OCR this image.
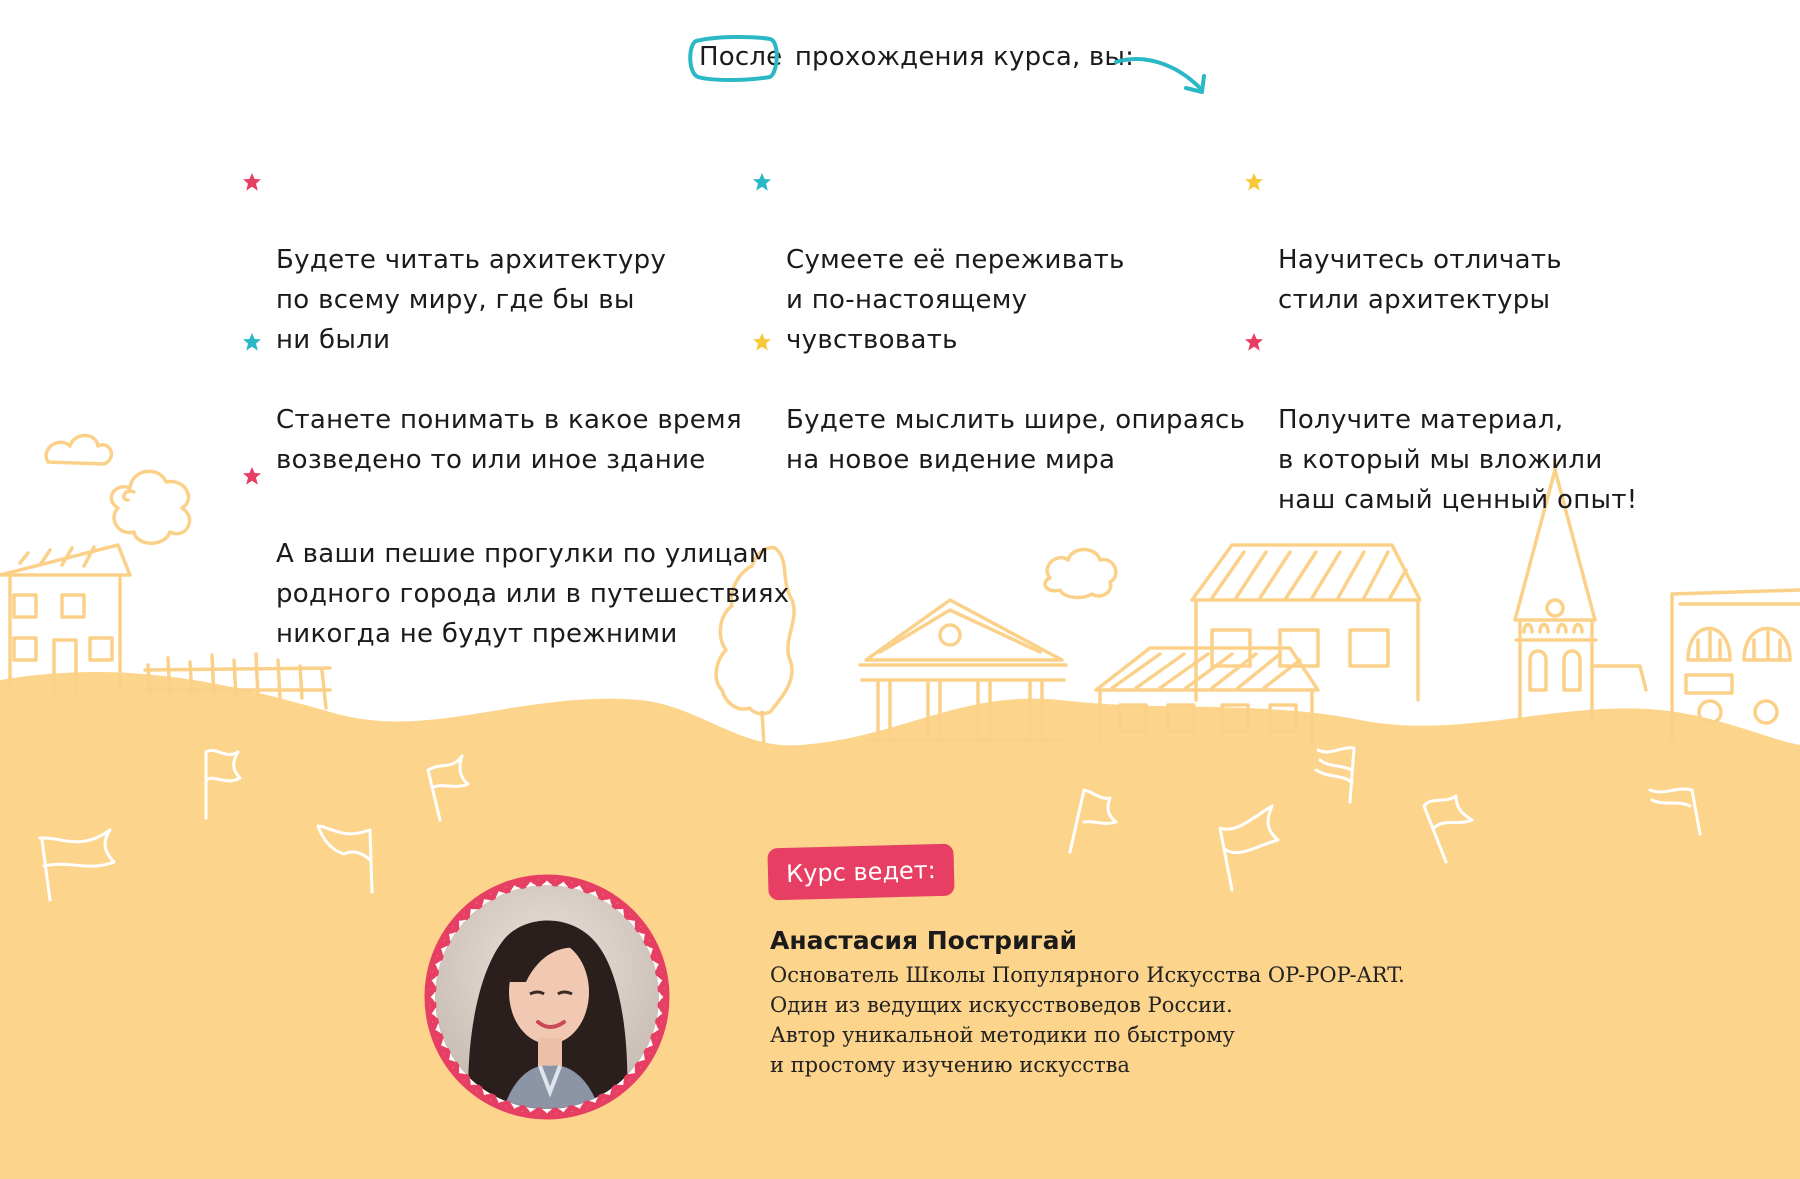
После прохождения курса, вы:

Будете читать архитектуру
по всему миру, где бы вы
ни были

Сумеете её переживать
и по-настоящему чувствовать

Научитесь отличать
стили архитектуры

Станете понимать в какое время
возведено то или иное здание

Будете мыслить шире, опираясь
на новое видение мира

Получите материал,
в который мы вложили
наш самый ценный опыт!

А ваши пешие прогулки по улицам
родного города или в путешествиях
никогда не будут прежними

Курс ведет:
Анастасия Постригай
Основатель Школы Популярного Искусства OP-POP-ART.
Один из ведущих искусствоведов России.
Автор уникальной методики по быстрому
и простому изучению искусства
